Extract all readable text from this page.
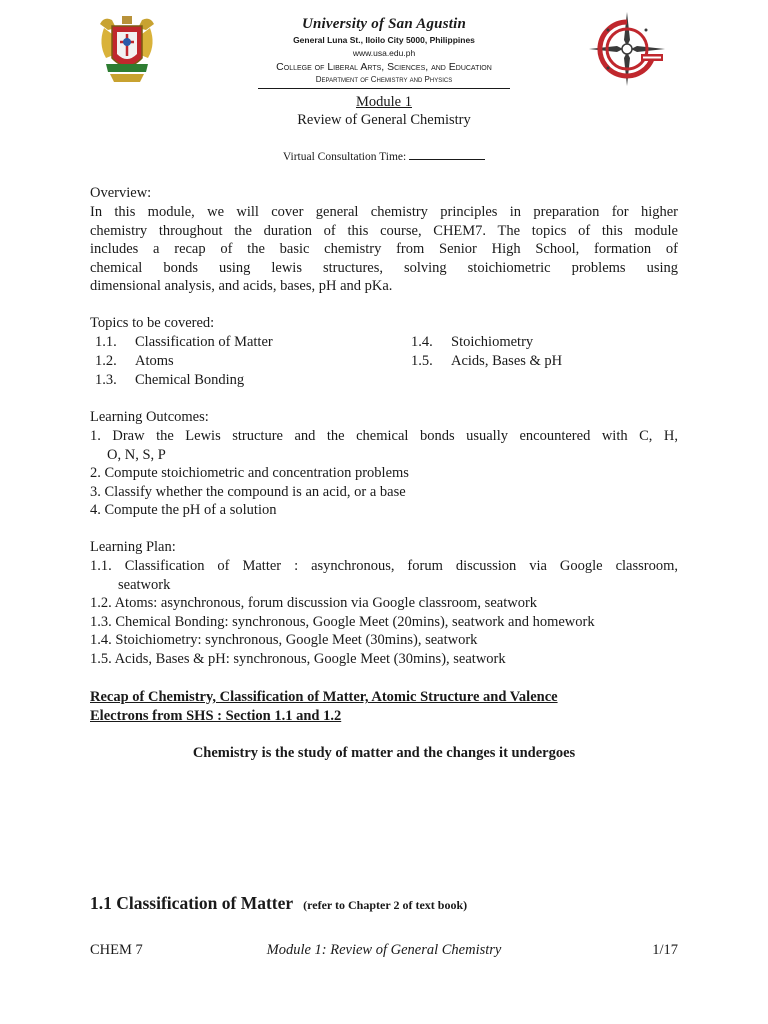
University of San Agustin
General Luna St., Iloilo City 5000, Philippines
www.usa.edu.ph
College of Liberal Arts, Sciences, and Education
Department of Chemistry and Physics
Module 1
Review of General Chemistry
Virtual Consultation Time:
Overview:
In this module, we will cover general chemistry principles in preparation for higher
chemistry throughout the duration of this course, CHEM7. The topics of this module
includes a recap of the basic chemistry from Senior High School, formation of
chemical bonds using lewis structures, solving stoichiometric problems using
dimensional analysis, and acids, bases, pH and pKa.
Topics to be covered:
1.1. Classification of Matter
1.2. Atoms
1.3. Chemical Bonding
1.4. Stoichiometry
1.5. Acids, Bases & pH
Learning Outcomes:
1. Draw the Lewis structure and the chemical bonds usually encountered with C, H,
O, N, S, P
2. Compute stoichiometric and concentration problems
3. Classify whether the compound is an acid, or a base
4. Compute the pH of a solution
Learning Plan:
1.1. Classification of Matter : asynchronous, forum discussion via Google classroom,
seatwork
1.2. Atoms: asynchronous, forum discussion via Google classroom, seatwork
1.3. Chemical Bonding: synchronous, Google Meet (20mins), seatwork and homework
1.4. Stoichiometry: synchronous, Google Meet (30mins), seatwork
1.5. Acids, Bases & pH: synchronous, Google Meet (30mins), seatwork
Recap of Chemistry, Classification of Matter, Atomic Structure and Valence
Electrons from SHS : Section 1.1 and 1.2
Chemistry is the study of matter and the changes it undergoes
1.1 Classification of Matter (refer to Chapter 2 of text book)
CHEM 7	Module 1: Review of General Chemistry	1/17
